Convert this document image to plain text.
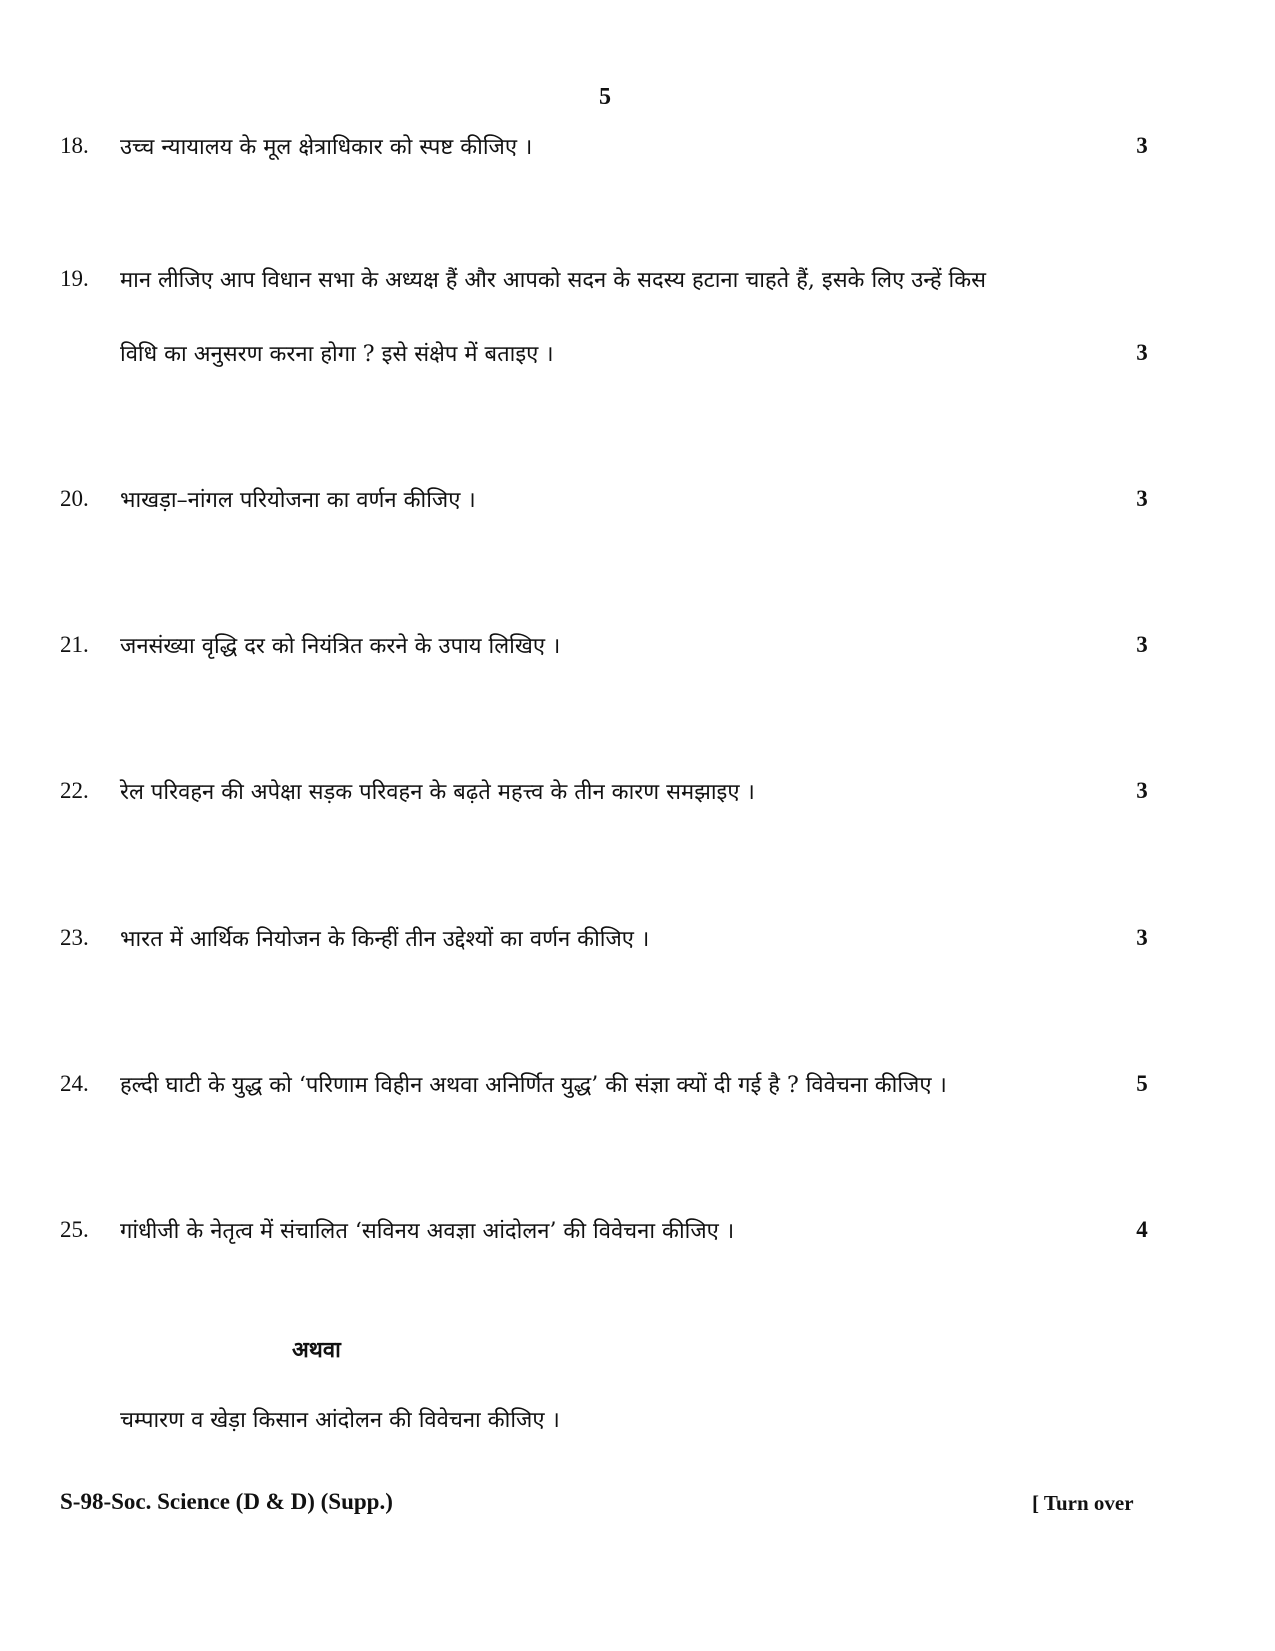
5
18. उच्च न्यायालय के मूल क्षेत्राधिकार को स्पष्ट कीजिए ।	3
19. मान लीजिए आप विधान सभा के अध्यक्ष हैं और आपको सदन के सदस्य हटाना चाहते हैं, इसके लिए उन्हें किस
विधि का अनुसरण करना होगा ? इसे संक्षेप में बताइए ।	3
20. भाखड़ा–नांगल परियोजना का वर्णन कीजिए ।	3
21. जनसंख्या वृद्धि दर को नियंत्रित करने के उपाय लिखिए ।	3
22. रेल परिवहन की अपेक्षा सड़क परिवहन के बढ़ते महत्त्व के तीन कारण समझाइए ।	3
23. भारत में आर्थिक नियोजन के किन्हीं तीन उद्देश्यों का वर्णन कीजिए ।	3
24. हल्दी घाटी के युद्ध को ‘परिणाम विहीन अथवा अनिर्णित युद्ध’ की संज्ञा क्यों दी गई है ? विवेचना कीजिए ।	5
25. गांधीजी के नेतृत्व में संचालित ‘सविनय अवज्ञा आंदोलन’ की विवेचना कीजिए ।	4
अथवा
चम्पारण व खेड़ा किसान आंदोलन की विवेचना कीजिए ।
S-98-Soc. Science (D & D) (Supp.)	[ Turn over
